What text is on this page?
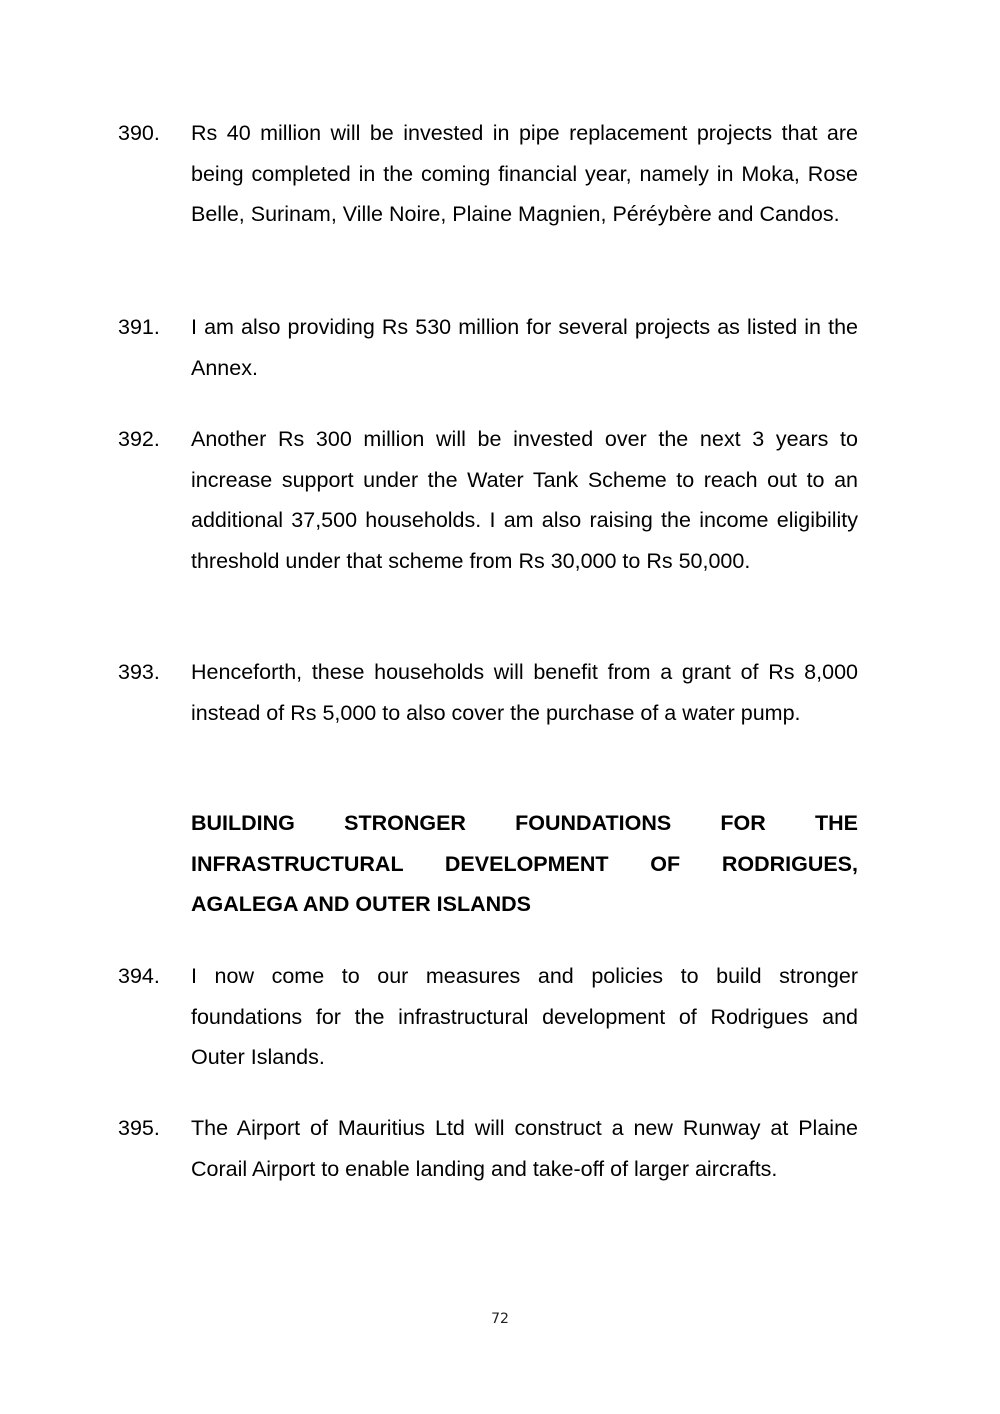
390.	Rs 40 million will be invested in pipe replacement projects that are being completed in the coming financial year, namely in Moka, Rose Belle, Surinam, Ville Noire, Plaine Magnien, Péréybère and Candos.
391.	I am also providing Rs 530 million for several projects as listed in the Annex.
392.	Another Rs 300 million will be invested over the next 3 years to increase support under the Water Tank Scheme to reach out to an additional 37,500 households. I am also raising the income eligibility threshold under that scheme from Rs 30,000 to Rs 50,000.
393.	Henceforth, these households will benefit from a grant of Rs 8,000 instead of Rs 5,000 to also cover the purchase of a water pump.
BUILDING STRONGER FOUNDATIONS FOR THE INFRASTRUCTURAL DEVELOPMENT OF RODRIGUES, AGALEGA AND OUTER ISLANDS
394.	I now come to our measures and policies to build stronger foundations for the infrastructural development of Rodrigues and Outer Islands.
395.	The Airport of Mauritius Ltd will construct a new Runway at Plaine Corail Airport to enable landing and take-off of larger aircrafts.
72
